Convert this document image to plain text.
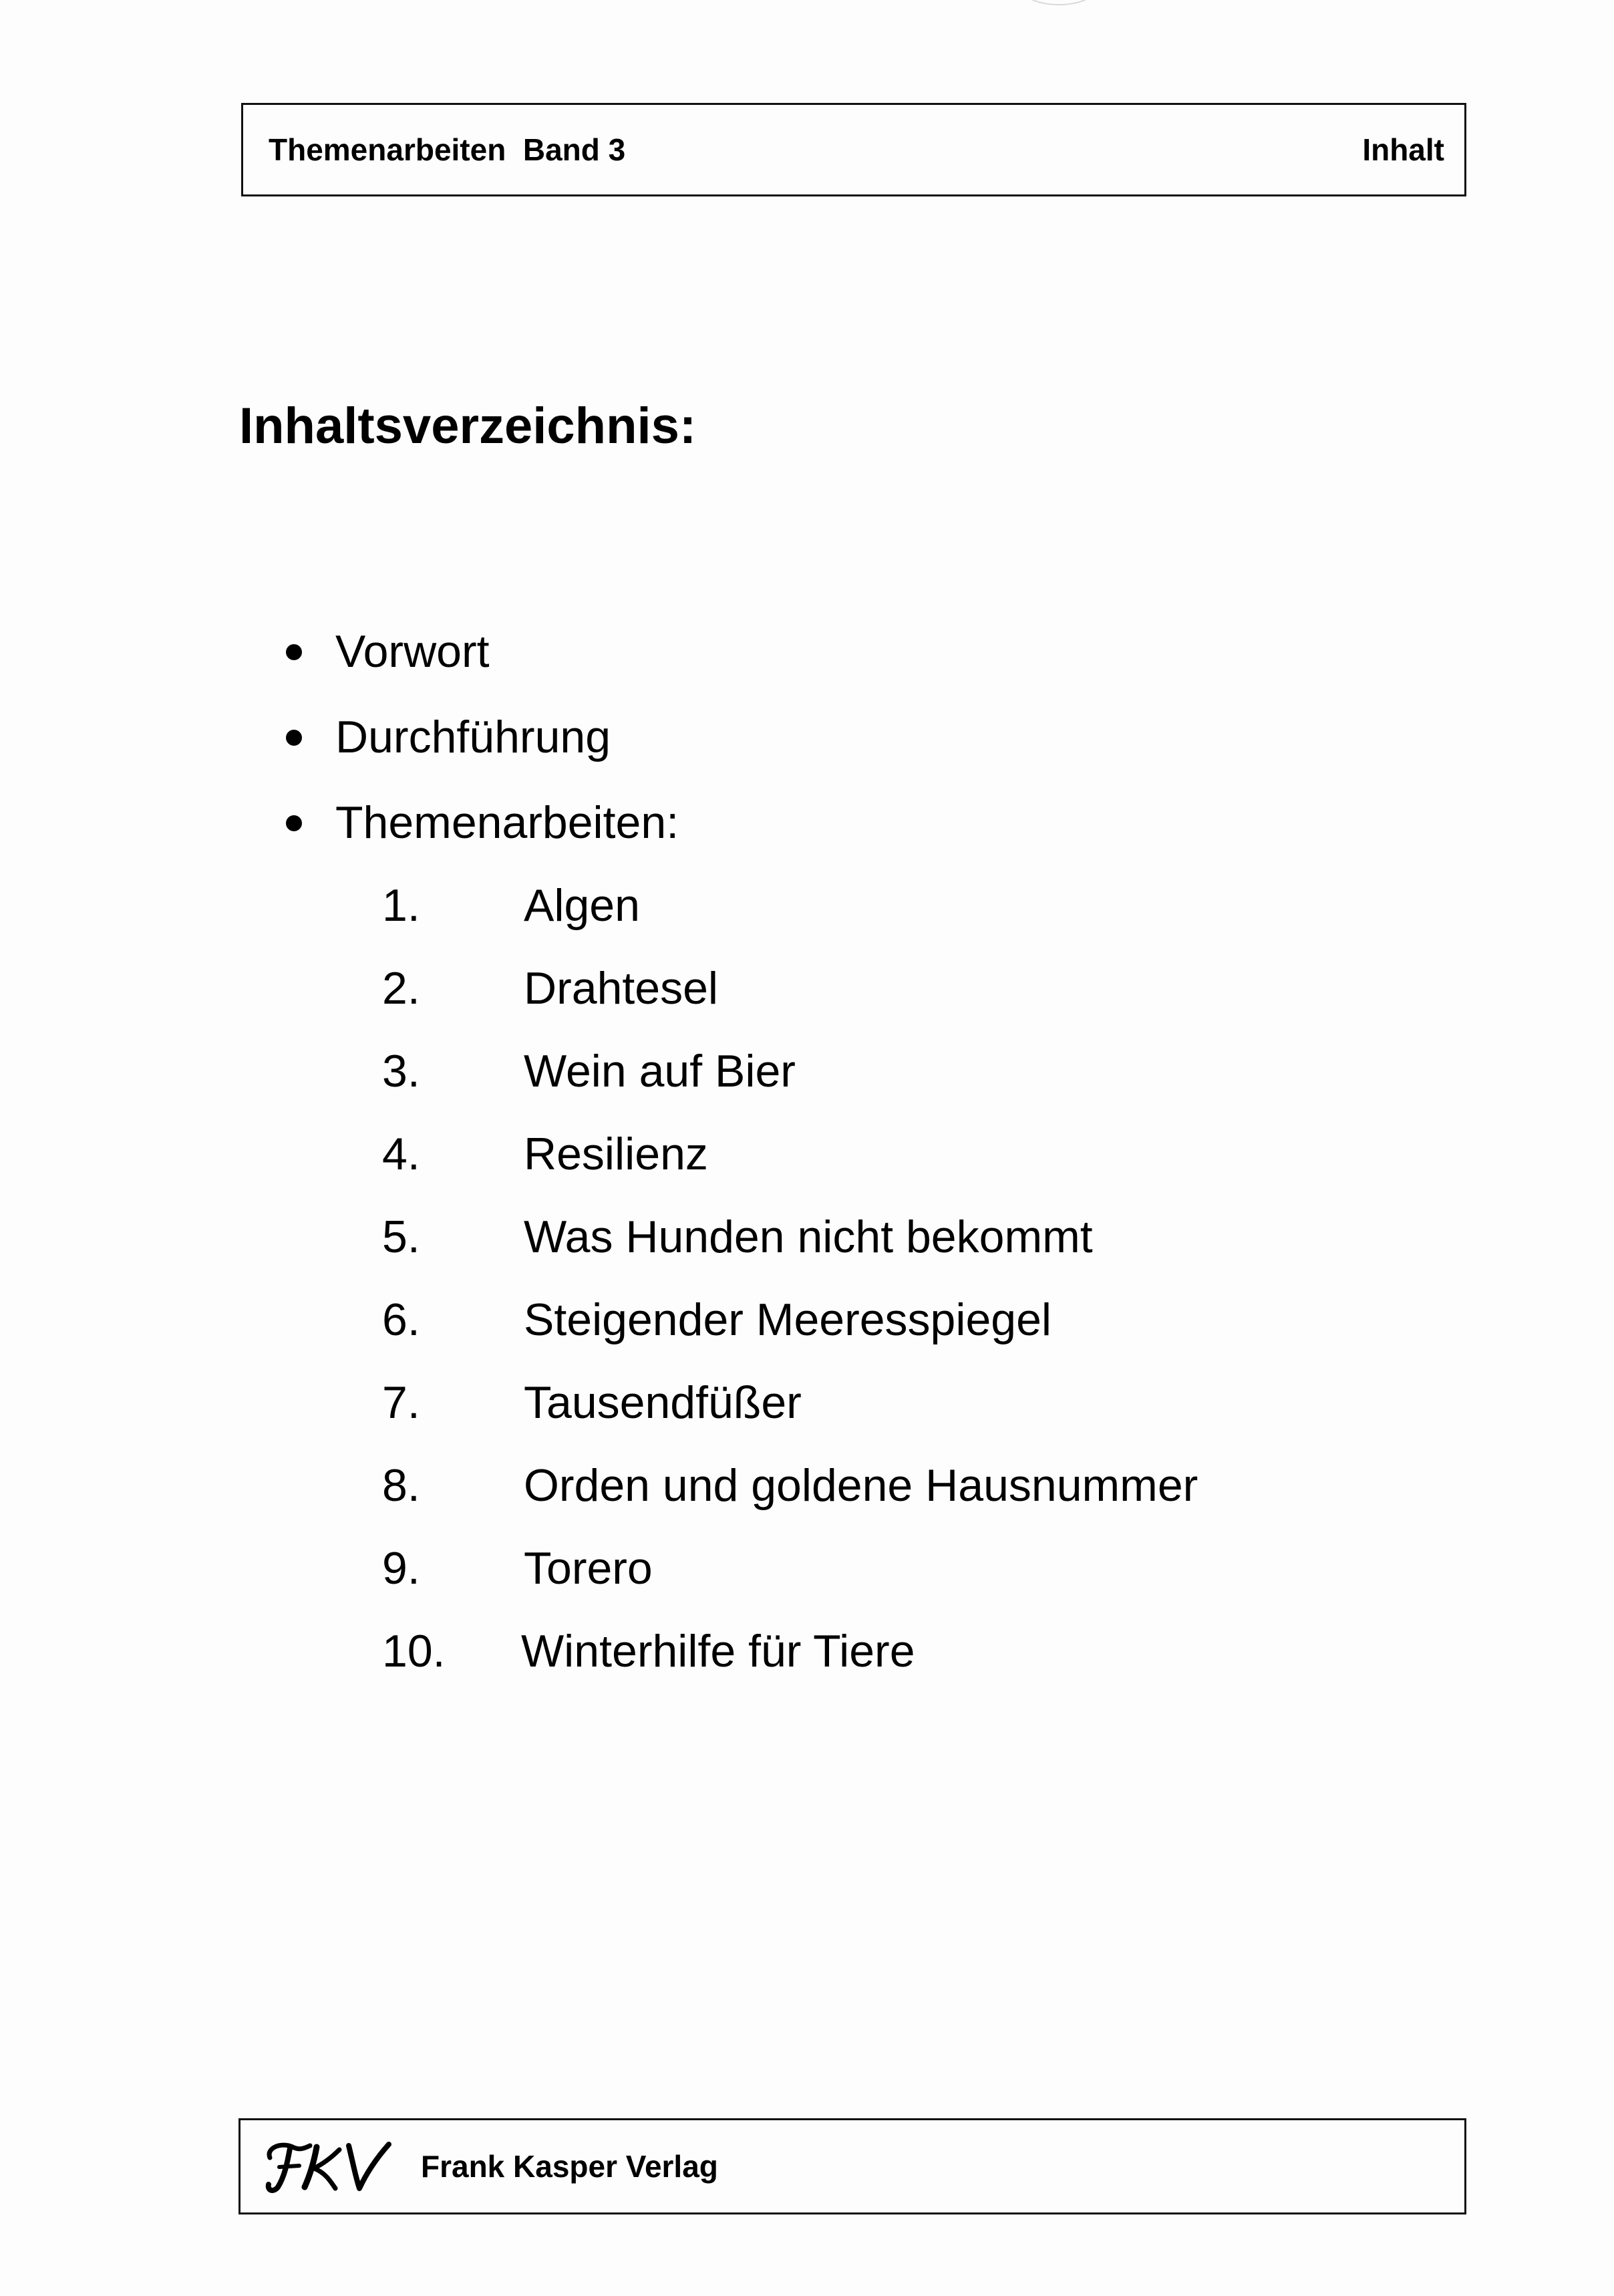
Themenarbeiten  Band 3	Inhalt
Inhaltsverzeichnis:
Vorwort
Durchführung
Themenarbeiten:
1. Algen
2. Drahtesel
3. Wein auf Bier
4. Resilienz
5. Was Hunden nicht bekommt
6. Steigender Meeresspiegel
7. Tausendfüßer
8. Orden und goldene Hausnummer
9. Torero
10. Winterhilfe für Tiere
Frank Kasper Verlag
